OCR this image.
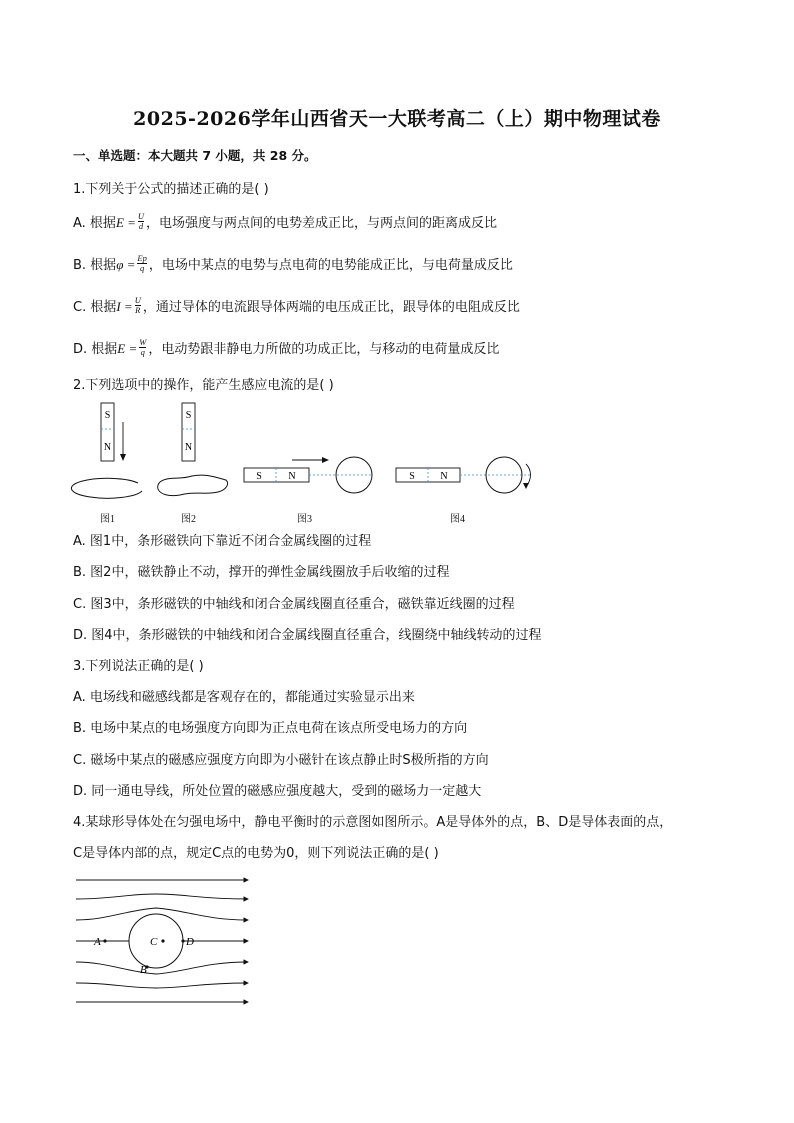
2025-2026学年山西省天一大联考高二（上）期中物理试卷
一、单选题：本大题共 7 小题，共 28 分。
1.下列关于公式的描述正确的是( )
A. 根据$E = \frac{U}{d}$ ，电场强度与两点间的电势差成正比，与两点间的距离成反比
B. 根据$\varphi = \frac{Ep}{q}$ ，电场中某点的电势与点电荷的电势能成正比，与电荷量成反比
C. 根据$I = \frac{U}{R}$ ，通过导体的电流跟导体两端的电压成正比，跟导体的电阻成反比
D. 根据$E = \frac{W}{q}$ ，电动势跟非静电力所做的功成正比，与移动的电荷量成反比
2.下列选项中的操作，能产生感应电流的是( )
S
N
S
N
S	N	S	N
图1	图2	图3	图4
A. 图1中，条形磁铁向下靠近不闭合金属线圈的过程
B. 图2中，磁铁静止不动，撑开的弹性金属线圈放手后收缩的过程
C. 图3中，条形磁铁的中轴线和闭合金属线圈直径重合，磁铁靠近线圈的过程
D. 图4中，条形磁铁的中轴线和闭合金属线圈直径重合，线圈绕中轴线转动的过程
3.下列说法正确的是( )
A. 电场线和磁感线都是客观存在的，都能通过实验显示出来
B. 电场中某点的电场强度方向即为正点电荷在该点所受电场力的方向
C. 磁场中某点的磁感应强度方向即为小磁针在该点静止时S极所指的方向
D. 同一通电导线，所处位置的磁感应强度越大，受到的磁场力一定越大
4.某球形导体处在匀强电场中，静电平衡时的示意图如图所示。A是导体外的点，B、D是导体表面的点，
C是导体内部的点，规定C点的电势为0，则下列说法正确的是( )
A	C	D
B
